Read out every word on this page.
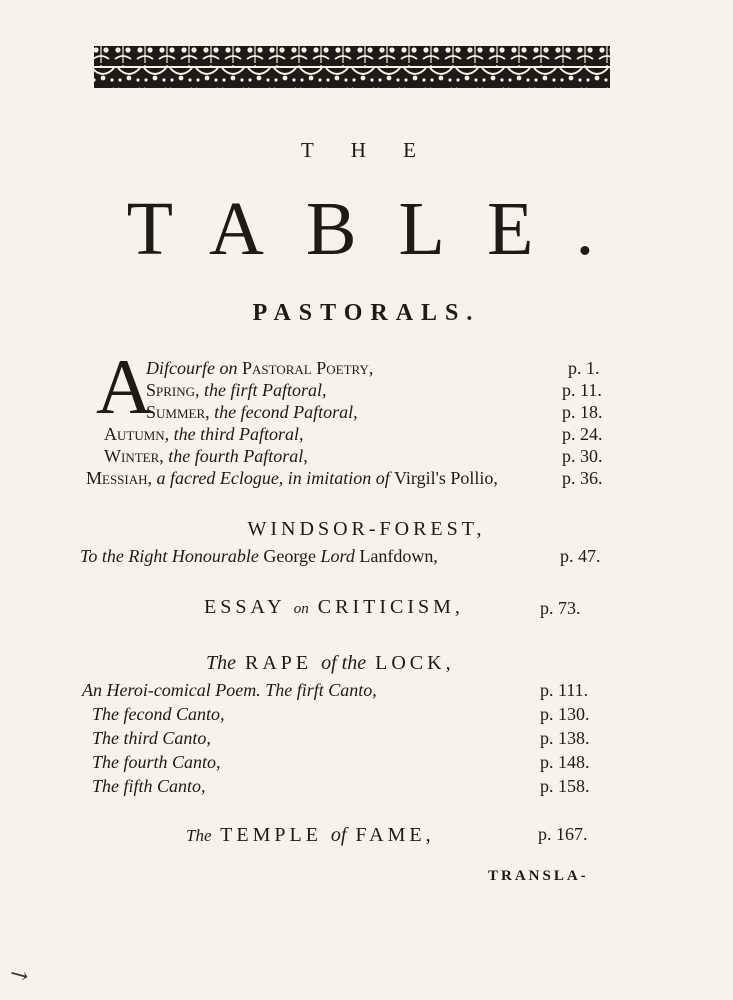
T H E
TABLE.
PASTORALS.
A
Difcourfe on Pastoral Poetry,	p. 1.
Spring, the firft Paftoral,	p. 11.
Summer, the fecond Paftoral,	p. 18.
Autumn, the third Paftoral,	p. 24.
Winter, the fourth Paftoral,	p. 30.
Messiah, a facred Eclogue, in imitation of Virgil's Pollio,	p. 36.
WINDSOR-FOREST,
To the Right Honourable George Lord Lanfdown,	p. 47.
ESSAY on CRITICISM,	p. 73.
The RAPE of the LOCK,
An Heroi-comical Poem. The firft Canto,	p. 111.
The fecond Canto,	p. 130.
The third Canto,	p. 138.
The fourth Canto,	p. 148.
The fifth Canto,	p. 158.
The TEMPLE of FAME,	p. 167.
TRANSLA-
↘
